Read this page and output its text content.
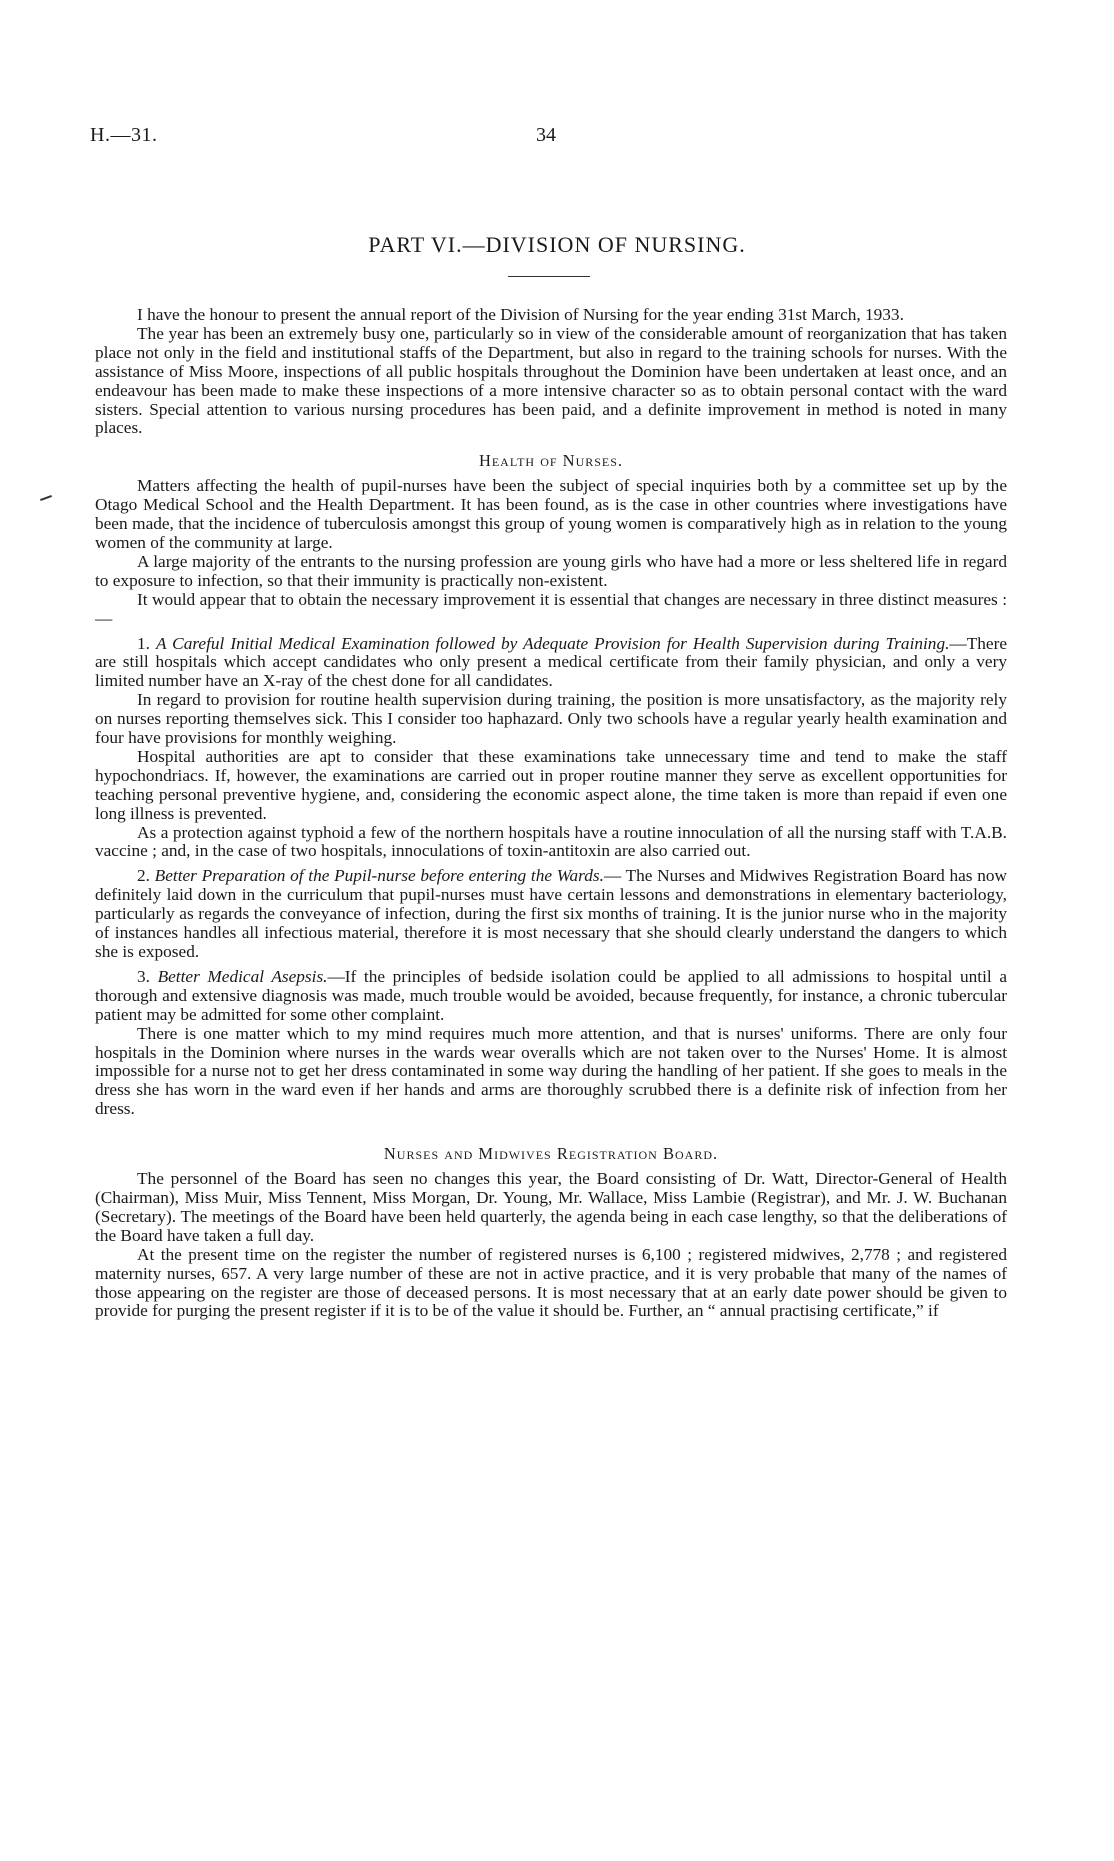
H.—31.	34
PART VI.—DIVISION OF NURSING.

I have the honour to present the annual report of the Division of Nursing for the year ending 31st March, 1933.

The year has been an extremely busy one, particularly so in view of the considerable amount of reorganization that has taken place not only in the field and institutional staffs of the Department, but also in regard to the training schools for nurses. With the assistance of Miss Moore, inspections of all public hospitals throughout the Dominion have been undertaken at least once, and an endeavour has been made to make these inspections of a more intensive character so as to obtain personal contact with the ward sisters. Special attention to various nursing procedures has been paid, and a definite improvement in method is noted in many places.

Health of Nurses.

Matters affecting the health of pupil-nurses have been the subject of special inquiries both by a committee set up by the Otago Medical School and the Health Department. It has been found, as is the case in other countries where investigations have been made, that the incidence of tuberculosis amongst this group of young women is comparatively high as in relation to the young women of the community at large.

A large majority of the entrants to the nursing profession are young girls who have had a more or less sheltered life in regard to exposure to infection, so that their immunity is practically non-existent.

It would appear that to obtain the necessary improvement it is essential that changes are necessary in three distinct measures :—

1. A Careful Initial Medical Examination followed by Adequate Provision for Health Supervision during Training.—There are still hospitals which accept candidates who only present a medical certificate from their family physician, and only a very limited number have an X-ray of the chest done for all candidates.

In regard to provision for routine health supervision during training, the position is more unsatisfactory, as the majority rely on nurses reporting themselves sick. This I consider too haphazard. Only two schools have a regular yearly health examination and four have provisions for monthly weighing.

Hospital authorities are apt to consider that these examinations take unnecessary time and tend to make the staff hypochondriacs. If, however, the examinations are carried out in proper routine manner they serve as excellent opportunities for teaching personal preventive hygiene, and, considering the economic aspect alone, the time taken is more than repaid if even one long illness is prevented.

As a protection against typhoid a few of the northern hospitals have a routine innoculation of all the nursing staff with T.A.B. vaccine ; and, in the case of two hospitals, innoculations of toxin-antitoxin are also carried out.

2. Better Preparation of the Pupil-nurse before entering the Wards.— The Nurses and Midwives Registration Board has now definitely laid down in the curriculum that pupil-nurses must have certain lessons and demonstrations in elementary bacteriology, particularly as regards the conveyance of infection, during the first six months of training. It is the junior nurse who in the majority of instances handles all infectious material, therefore it is most necessary that she should clearly understand the dangers to which she is exposed.

3. Better Medical Asepsis.—If the principles of bedside isolation could be applied to all admissions to hospital until a thorough and extensive diagnosis was made, much trouble would be avoided, because frequently, for instance, a chronic tubercular patient may be admitted for some other complaint.

There is one matter which to my mind requires much more attention, and that is nurses' uniforms. There are only four hospitals in the Dominion where nurses in the wards wear overalls which are not taken over to the Nurses' Home. It is almost impossible for a nurse not to get her dress contaminated in some way during the handling of her patient. If she goes to meals in the dress she has worn in the ward even if her hands and arms are thoroughly scrubbed there is a definite risk of infection from her dress.

Nurses and Midwives Registration Board.

The personnel of the Board has seen no changes this year, the Board consisting of Dr. Watt, Director-General of Health (Chairman), Miss Muir, Miss Tennent, Miss Morgan, Dr. Young, Mr. Wallace, Miss Lambie (Registrar), and Mr. J. W. Buchanan (Secretary). The meetings of the Board have been held quarterly, the agenda being in each case lengthy, so that the deliberations of the Board have taken a full day.

At the present time on the register the number of registered nurses is 6,100 ; registered midwives, 2,778 ; and registered maternity nurses, 657. A very large number of these are not in active practice, and it is very probable that many of the names of those appearing on the register are those of deceased persons. It is most necessary that at an early date power should be given to provide for purging the present register if it is to be of the value it should be. Further, an “ annual practising certificate,” if
